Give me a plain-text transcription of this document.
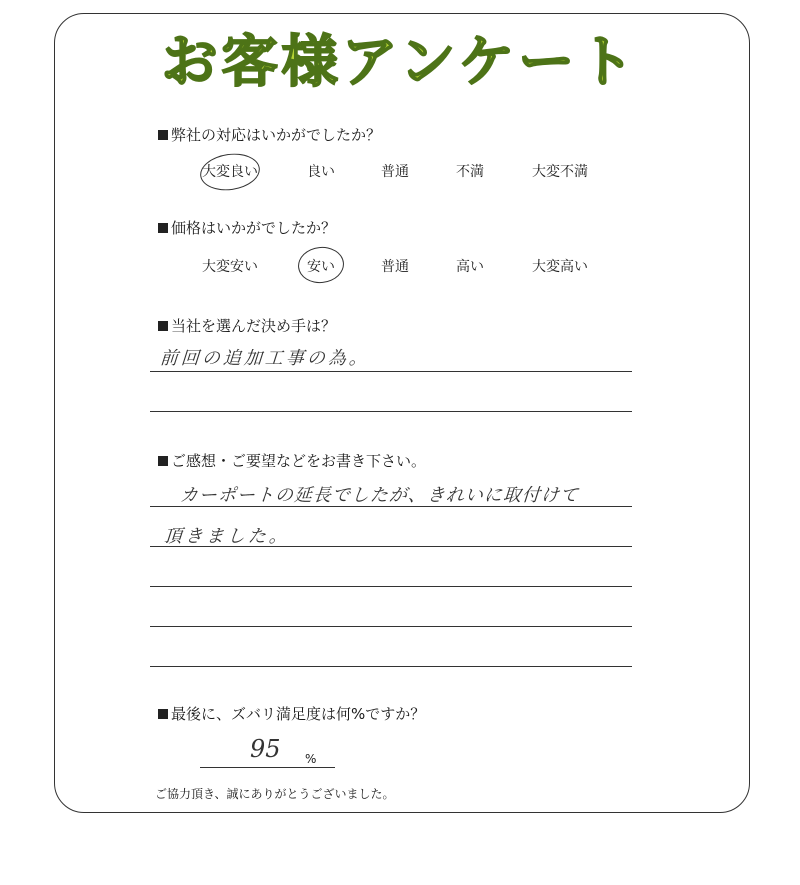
お客様アンケート
弊社の対応はいかがでしたか？
大変良い	良い	普通	不満	大変不満
価格はいかがでしたか？
大変安い	安い	普通	高い	大変高い
当社を選んだ決め手は？
前回の追加工事の為。
ご感想・ご要望などをお書き下さい。
カーポートの延長でしたが、きれいに取付けて
頂きました。
最後に、ズバリ満足度は何%ですか？
95 %
ご協力頂き、誠にありがとうございました。
